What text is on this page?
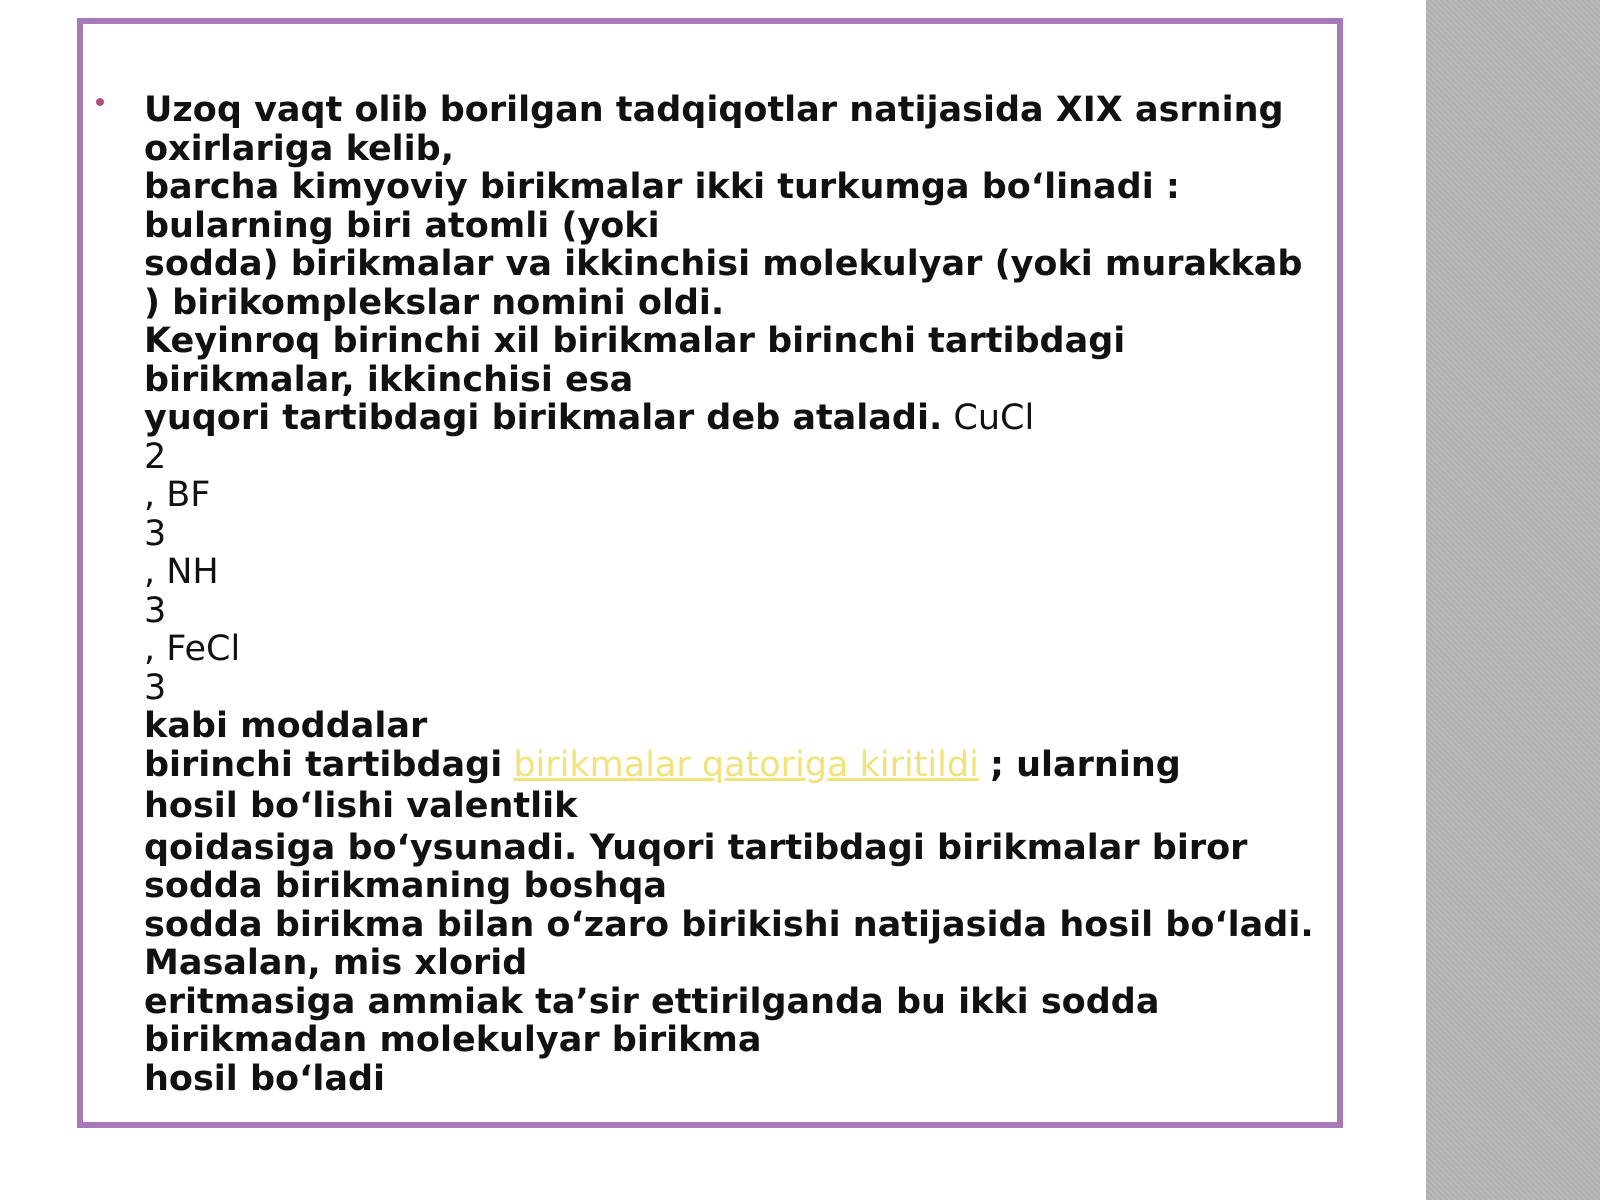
Uzoq vaqt olib borilgan tadqiqotlar natijasida XIX asrning
oxirlariga kelib,
barcha kimyoviy birikmalar ikki turkumga bo‘linadi :
bularning biri atomli (yoki
sodda) birikmalar va ikkinchisi molekulyar (yoki murakkab
) birikomplekslar nomini oldi.
Keyinroq birinchi xil birikmalar birinchi tartibdagi
birikmalar, ikkinchisi esa
yuqori tartibdagi birikmalar deb ataladi. CuCl
2
, BF
3
, NH
3
, FeCl
3
kabi moddalar
birinchi tartibdagi birikmalar qatoriga kiritildi ; ularning
hosil bo‘lishi valentlik
qoidasiga bo‘ysunadi. Yuqori tartibdagi birikmalar biror
sodda birikmaning boshqa
sodda birikma bilan o‘zaro birikishi natijasida hosil bo‘ladi.
Masalan, mis xlorid
eritmasiga ammiak ta’sir ettirilganda bu ikki sodda
birikmadan molekulyar birikma
hosil bo‘ladi
